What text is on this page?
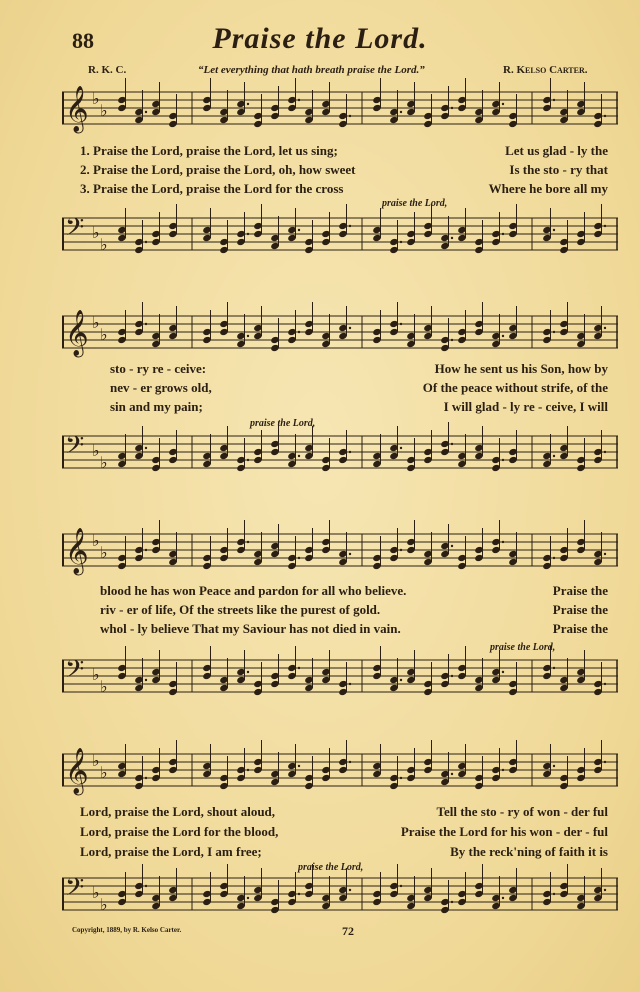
88	Praise the Lord.
R. K. C.	“Let everything that hath breath praise the Lord.”	R. Kelso Carter.
𝄞 ♭
♭
1. Praise the Lord, praise the Lord, let us sing;	Let us glad - ly the
2. Praise the Lord, praise the Lord, oh, how sweet	Is the sto - ry that
3. Praise the Lord, praise the Lord for the cross	Where he bore all my
praise the Lord,
𝄢 ♭
♭
𝄞 ♭
♭
sto - ry re - ceive:	How he sent us his Son, how by
nev - er grows old,	Of the peace without strife, of the
sin and my pain;	I will glad - ly re - ceive, I will
praise the Lord,
𝄢 ♭
♭
𝄞 ♭
♭
blood he has won Peace and pardon for all who believe.	Praise the
riv - er of life, Of the streets like the purest of gold.	Praise the
whol - ly believe That my Saviour has not died in vain.	Praise the
praise the Lord,
𝄢 ♭
♭
𝄞 ♭
♭
Lord, praise the Lord, shout aloud,	Tell the sto - ry of won - der ful
Lord, praise the Lord for the blood,	Praise the Lord for his won - der - ful
Lord, praise the Lord, I am free;	By the reck'ning of faith it is
praise the Lord,
𝄢 ♭
♭
Copyright, 1889, by R. Kelso Carter.	72
